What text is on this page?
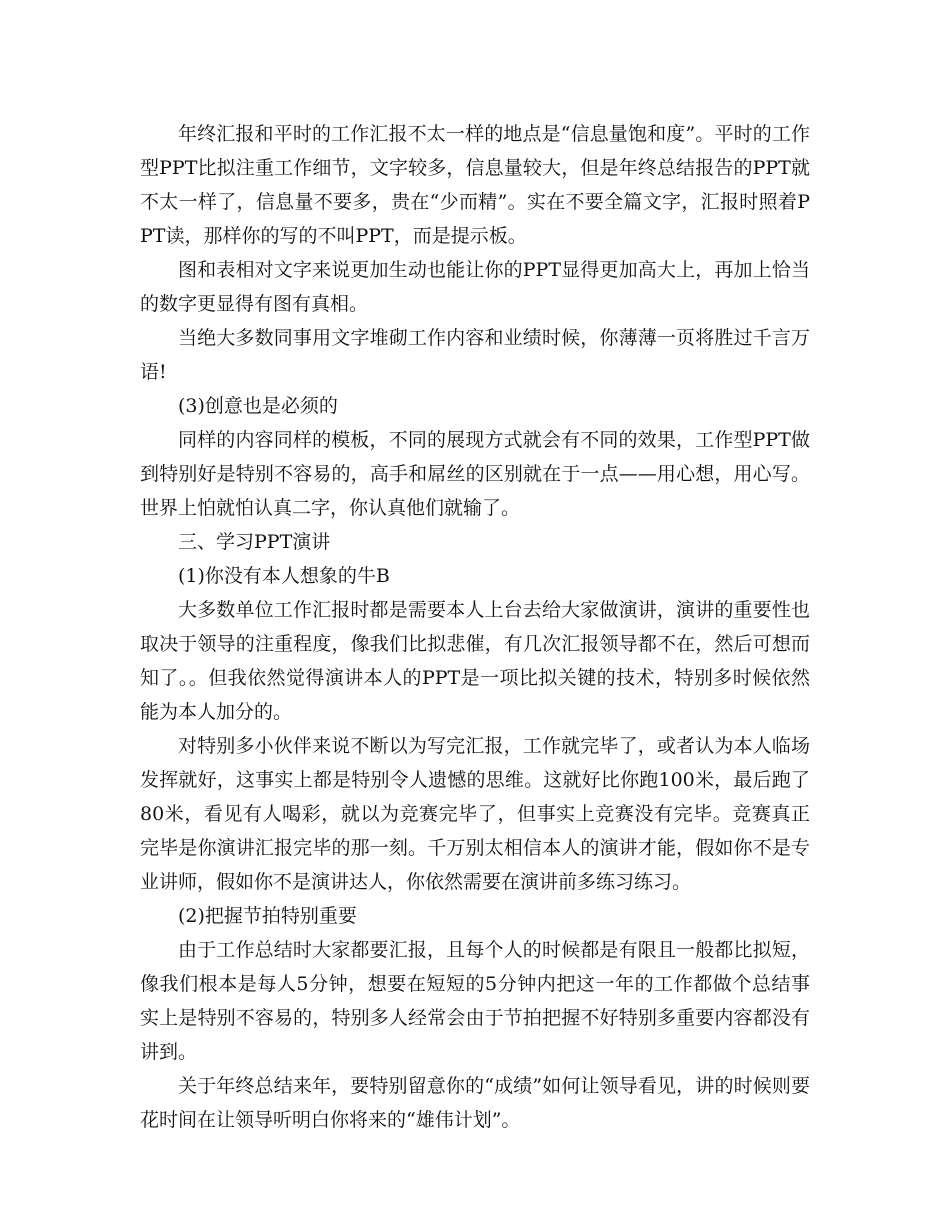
年终汇报和平时的工作汇报不太一样的地点是“信息量饱和度”。平时的工作型PPT比拟注重工作细节，文字较多，信息量较大，但是年终总结报告的PPT就不太一样了，信息量不要多，贵在“少而精”。实在不要全篇文字，汇报时照着PPT读，那样你的写的不叫PPT，而是提示板。

图和表相对文字来说更加生动也能让你的PPT显得更加高大上，再加上恰当的数字更显得有图有真相。

当绝大多数同事用文字堆砌工作内容和业绩时候，你薄薄一页将胜过千言万语!

(3)创意也是必须的

同样的内容同样的模板，不同的展现方式就会有不同的效果，工作型PPT做到特别好是特别不容易的，高手和屌丝的区别就在于一点——用心想，用心写。世界上怕就怕认真二字，你认真他们就输了。

三、学习PPT演讲

(1)你没有本人想象的牛B

大多数单位工作汇报时都是需要本人上台去给大家做演讲，演讲的重要性也取决于领导的注重程度，像我们比拟悲催，有几次汇报领导都不在，然后可想而知了。。但我依然觉得演讲本人的PPT是一项比拟关键的技术，特别多时候依然能为本人加分的。

对特别多小伙伴来说不断以为写完汇报，工作就完毕了，或者认为本人临场发挥就好，这事实上都是特别令人遗憾的思维。这就好比你跑100米，最后跑了80米，看见有人喝彩，就以为竞赛完毕了，但事实上竞赛没有完毕。竞赛真正完毕是你演讲汇报完毕的那一刻。千万别太相信本人的演讲才能，假如你不是专业讲师，假如你不是演讲达人，你依然需要在演讲前多练习练习。

(2)把握节拍特别重要

由于工作总结时大家都要汇报，且每个人的时候都是有限且一般都比拟短，像我们根本是每人5分钟，想要在短短的5分钟内把这一年的工作都做个总结事实上是特别不容易的，特别多人经常会由于节拍把握不好特别多重要内容都没有讲到。

关于年终总结来年，要特别留意你的“成绩”如何让领导看见，讲的时候则要花时间在让领导听明白你将来的“雄伟计划”。
